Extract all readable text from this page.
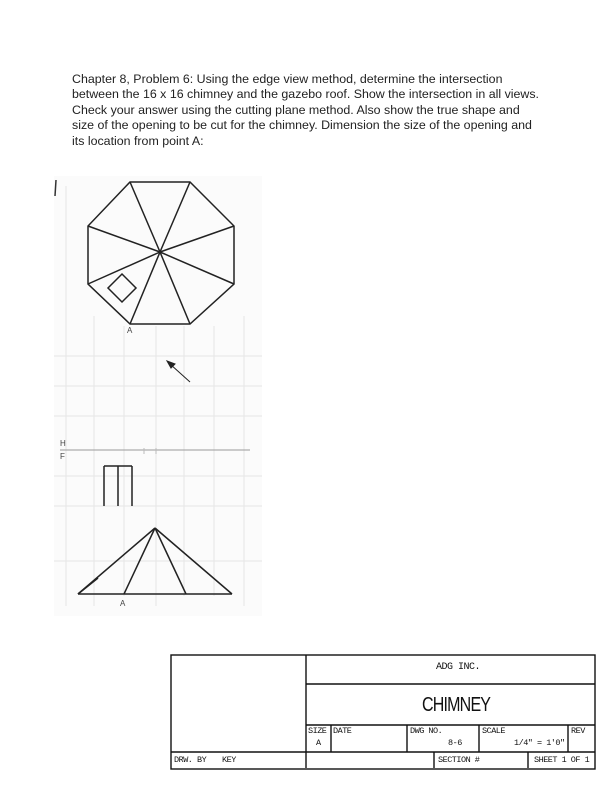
Chapter 8, Problem 6: Using the edge view method, determine the intersection between the 16 x 16 chimney and the gazebo roof. Show the intersection in all views. Check your answer using the cutting plane method. Also show the true shape and size of the opening to be cut for the chimney. Dimension the size of the opening and its location from point A:
A
H
F
A
ADG INC.
CHIMNEY
SIZE
A
DATE	DWG NO.
8-6
SCALE
1/4" = 1'0"
REV
SECTION #	SHEET 1 OF 1
DRW. BY KEY
